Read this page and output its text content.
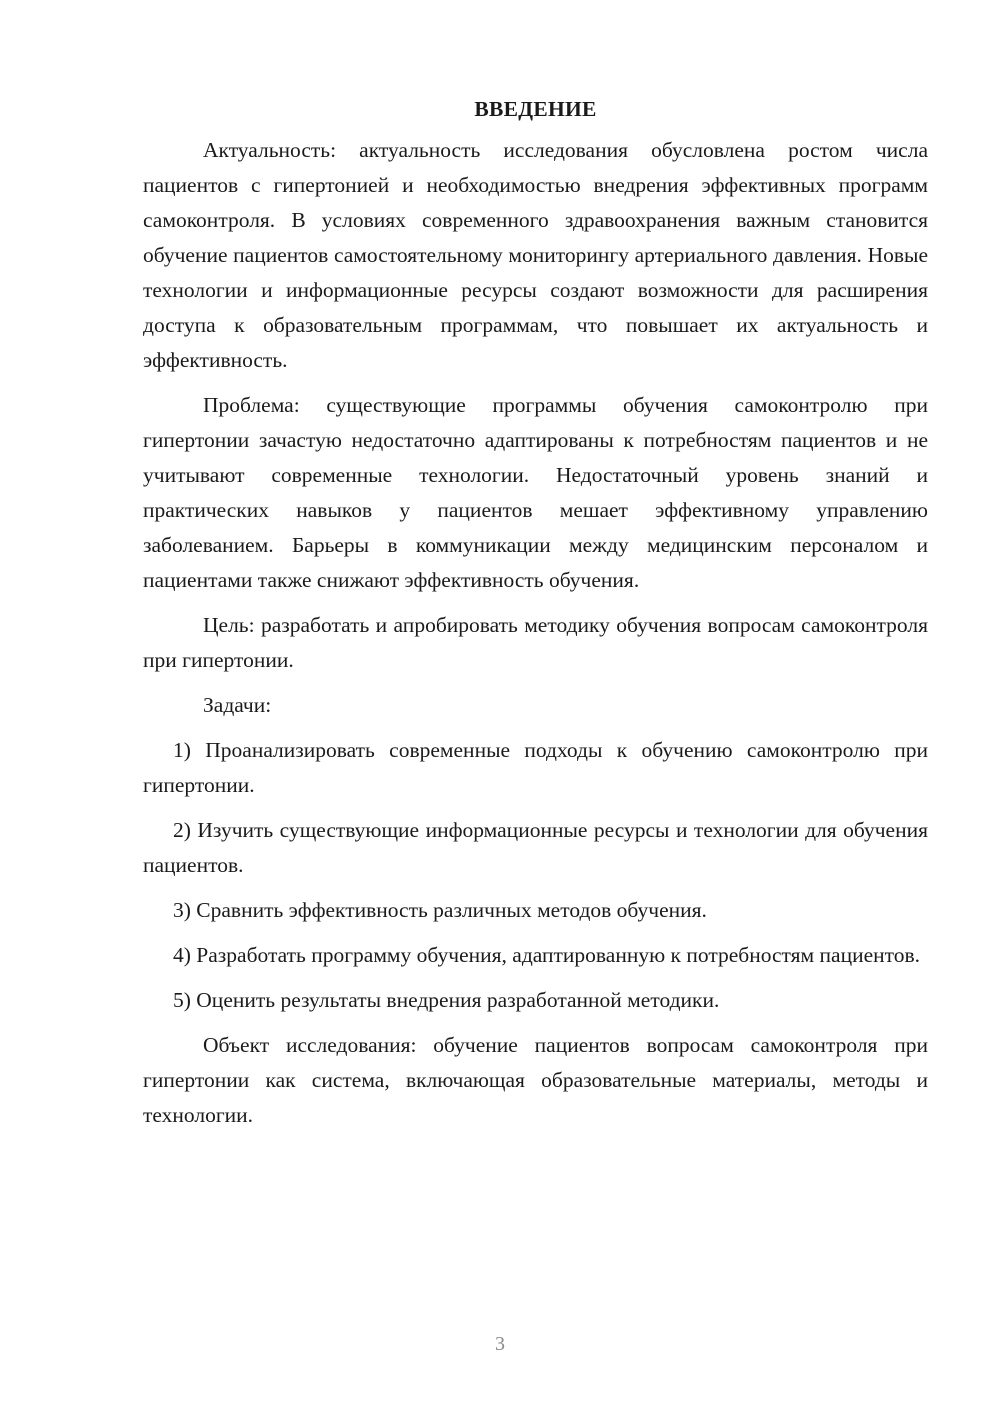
ВВЕДЕНИЕ

Актуальность: актуальность исследования обусловлена ростом числа пациентов с гипертонией и необходимостью внедрения эффективных программ самоконтроля. В условиях современного здравоохранения важным становится обучение пациентов самостоятельному мониторингу артериального давления. Новые технологии и информационные ресурсы создают возможности для расширения доступа к образовательным программам, что повышает их актуальность и эффективность.

Проблема: существующие программы обучения самоконтролю при гипертонии зачастую недостаточно адаптированы к потребностям пациентов и не учитывают современные технологии. Недостаточный уровень знаний и практических навыков у пациентов мешает эффективному управлению заболеванием. Барьеры в коммуникации между медицинским персоналом и пациентами также снижают эффективность обучения.

Цель: разработать и апробировать методику обучения вопросам самоконтроля при гипертонии.

Задачи:

1) Проанализировать современные подходы к обучению самоконтролю при гипертонии.

2) Изучить существующие информационные ресурсы и технологии для обучения пациентов.

3) Сравнить эффективность различных методов обучения.

4) Разработать программу обучения, адаптированную к потребностям пациентов.

5) Оценить результаты внедрения разработанной методики.

Объект исследования: обучение пациентов вопросам самоконтроля при гипертонии как система, включающая образовательные материалы, методы и технологии.

3
